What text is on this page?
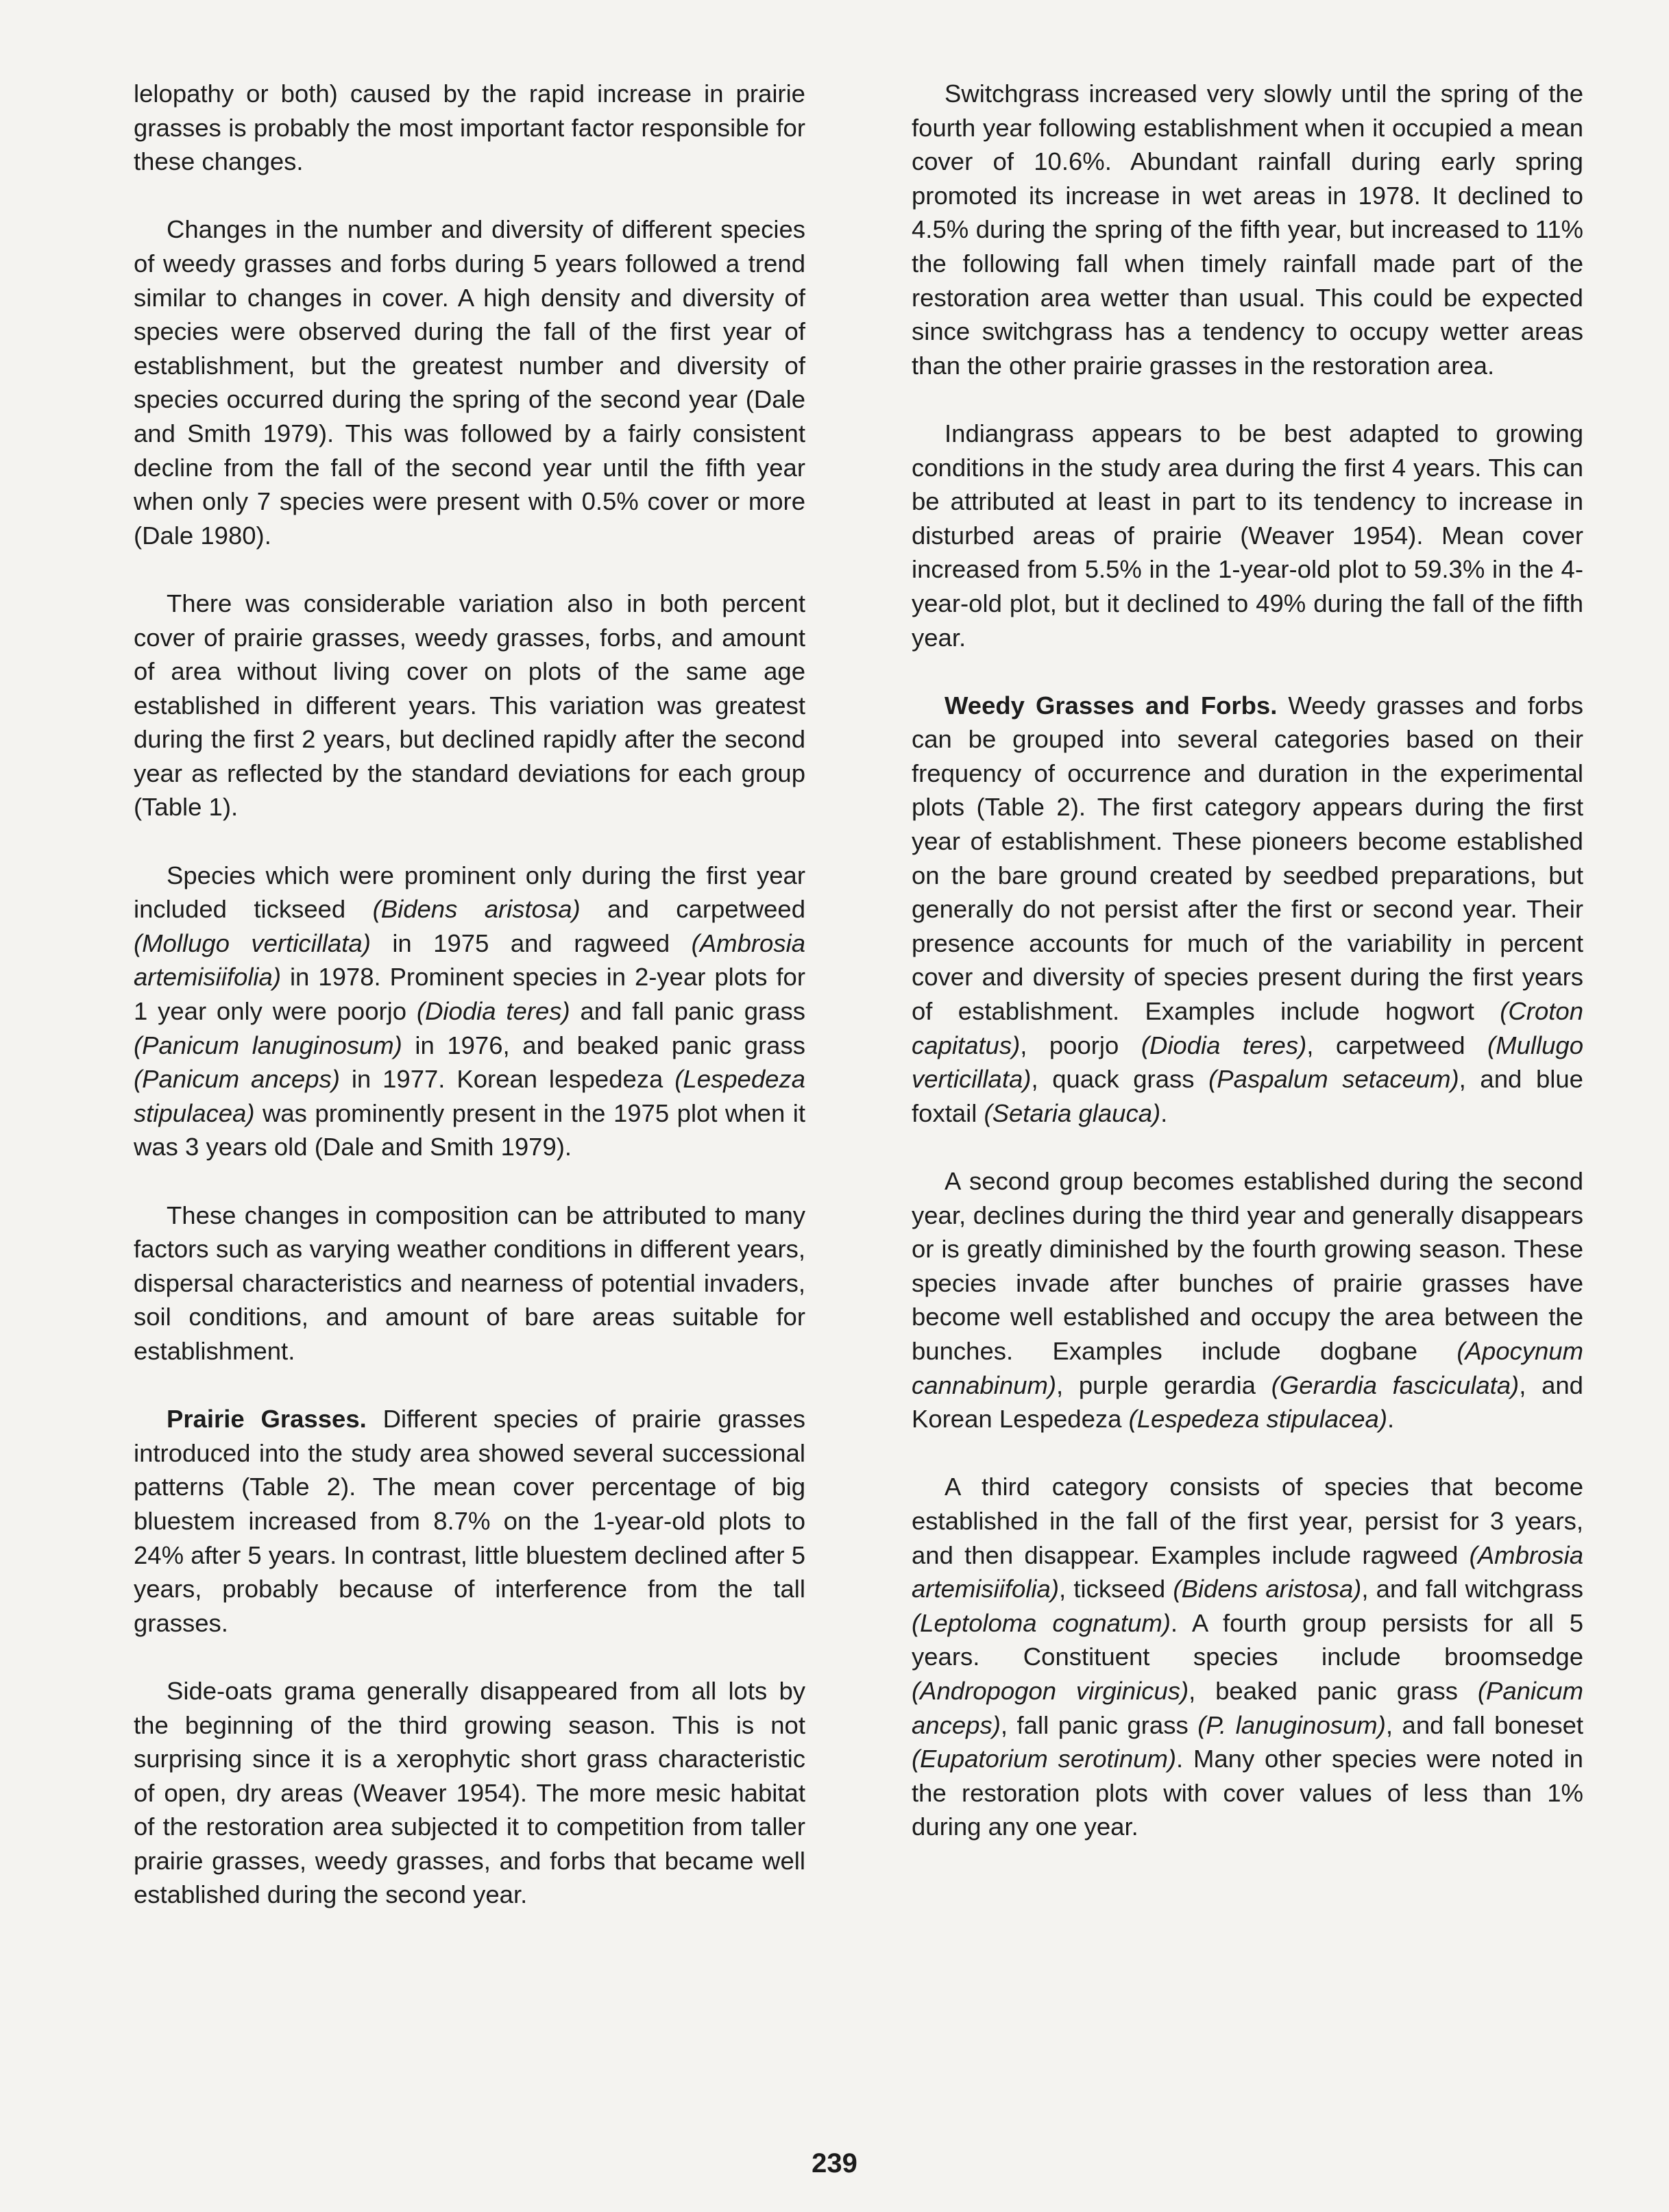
lelopathy or both) caused by the rapid increase in prairie grasses is probably the most important factor responsible for these changes.

Changes in the number and diversity of different species of weedy grasses and forbs during 5 years followed a trend similar to changes in cover. A high density and diversity of species were observed during the fall of the first year of establishment, but the greatest number and diversity of species occurred during the spring of the second year (Dale and Smith 1979). This was followed by a fairly consistent decline from the fall of the second year until the fifth year when only 7 species were present with 0.5% cover or more (Dale 1980).

There was considerable variation also in both percent cover of prairie grasses, weedy grasses, forbs, and amount of area without living cover on plots of the same age established in different years. This variation was greatest during the first 2 years, but declined rapidly after the second year as reflected by the standard deviations for each group (Table 1).

Species which were prominent only during the first year included tickseed (Bidens aristosa) and carpetweed (Mollugo verticillata) in 1975 and ragweed (Ambrosia artemisiifolia) in 1978. Prominent species in 2-year plots for 1 year only were poorjo (Diodia teres) and fall panic grass (Panicum lanuginosum) in 1976, and beaked panic grass (Panicum anceps) in 1977. Korean lespedeza (Lespedeza stipulacea) was prominently present in the 1975 plot when it was 3 years old (Dale and Smith 1979).

These changes in composition can be attributed to many factors such as varying weather conditions in different years, dispersal characteristics and nearness of potential invaders, soil conditions, and amount of bare areas suitable for establishment.

Prairie Grasses. Different species of prairie grasses introduced into the study area showed several successional patterns (Table 2). The mean cover percentage of big bluestem increased from 8.7% on the 1-year-old plots to 24% after 5 years. In contrast, little bluestem declined after 5 years, probably because of interference from the tall grasses.

Side-oats grama generally disappeared from all lots by the beginning of the third growing season. This is not surprising since it is a xerophytic short grass characteristic of open, dry areas (Weaver 1954). The more mesic habitat of the restoration area subjected it to competition from taller prairie grasses, weedy grasses, and forbs that became well established during the second year.

Switchgrass increased very slowly until the spring of the fourth year following establishment when it occupied a mean cover of 10.6%. Abundant rainfall during early spring promoted its increase in wet areas in 1978. It declined to 4.5% during the spring of the fifth year, but increased to 11% the following fall when timely rainfall made part of the restoration area wetter than usual. This could be expected since switchgrass has a tendency to occupy wetter areas than the other prairie grasses in the restoration area.

Indiangrass appears to be best adapted to growing conditions in the study area during the first 4 years. This can be attributed at least in part to its tendency to increase in disturbed areas of prairie (Weaver 1954). Mean cover increased from 5.5% in the 1-year-old plot to 59.3% in the 4-year-old plot, but it declined to 49% during the fall of the fifth year.

Weedy Grasses and Forbs. Weedy grasses and forbs can be grouped into several categories based on their frequency of occurrence and duration in the experimental plots (Table 2). The first category appears during the first year of establishment. These pioneers become established on the bare ground created by seedbed preparations, but generally do not persist after the first or second year. Their presence accounts for much of the variability in percent cover and diversity of species present during the first years of establishment. Examples include hogwort (Croton capitatus), poorjo (Diodia teres), carpetweed (Mullugo verticillata), quack grass (Paspalum setaceum), and blue foxtail (Setaria glauca).

A second group becomes established during the second year, declines during the third year and generally disappears or is greatly diminished by the fourth growing season. These species invade after bunches of prairie grasses have become well established and occupy the area between the bunches. Examples include dogbane (Apocynum cannabinum), purple gerardia (Gerardia fasciculata), and Korean Lespedeza (Lespedeza stipulacea).

A third category consists of species that become established in the fall of the first year, persist for 3 years, and then disappear. Examples include ragweed (Ambrosia artemisiifolia), tickseed (Bidens aristosa), and fall witchgrass (Leptoloma cognatum). A fourth group persists for all 5 years. Constituent species include broomsedge (Andropogon virginicus), beaked panic grass (Panicum anceps), fall panic grass (P. lanuginosum), and fall boneset (Eupatorium serotinum). Many other species were noted in the restoration plots with cover values of less than 1% during any one year.

239
